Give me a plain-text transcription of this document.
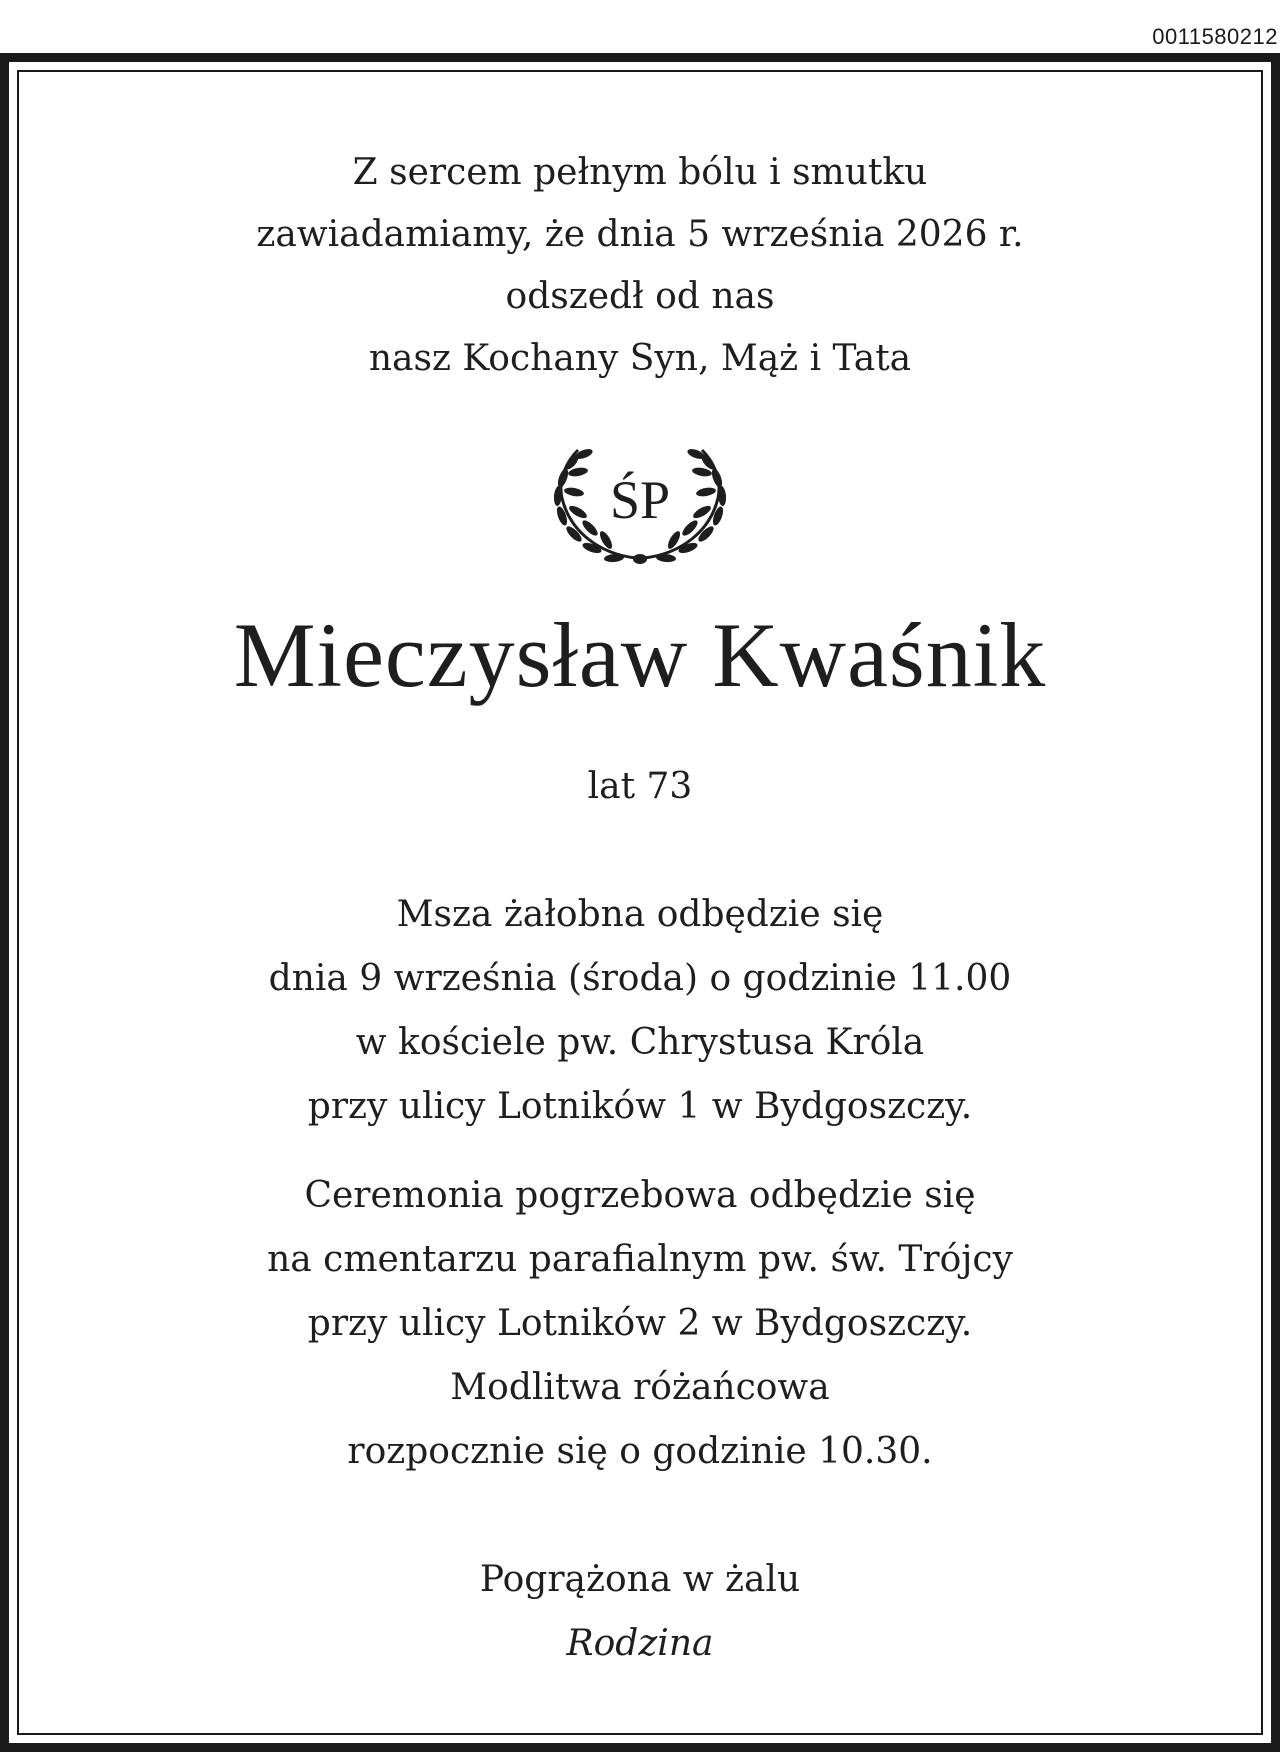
0011580212
Z sercem pełnym bólu i smutku
zawiadamiamy, że dnia 5 września 2026 r.
odszedł od nas
nasz Kochany Syn, Mąż i Tata
ŚP
Mieczysław Kwaśnik
lat 73
Msza żałobna odbędzie się
dnia 9 września (środa) o godzinie 11.00
w kościele pw. Chrystusa Króla
przy ulicy Lotników 1 w Bydgoszczy.
Ceremonia pogrzebowa odbędzie się
na cmentarzu parafialnym pw. św. Trójcy
przy ulicy Lotników 2 w Bydgoszczy.
Modlitwa różańcowa
rozpocznie się o godzinie 10.30.
Pogrążona w żalu
Rodzina
